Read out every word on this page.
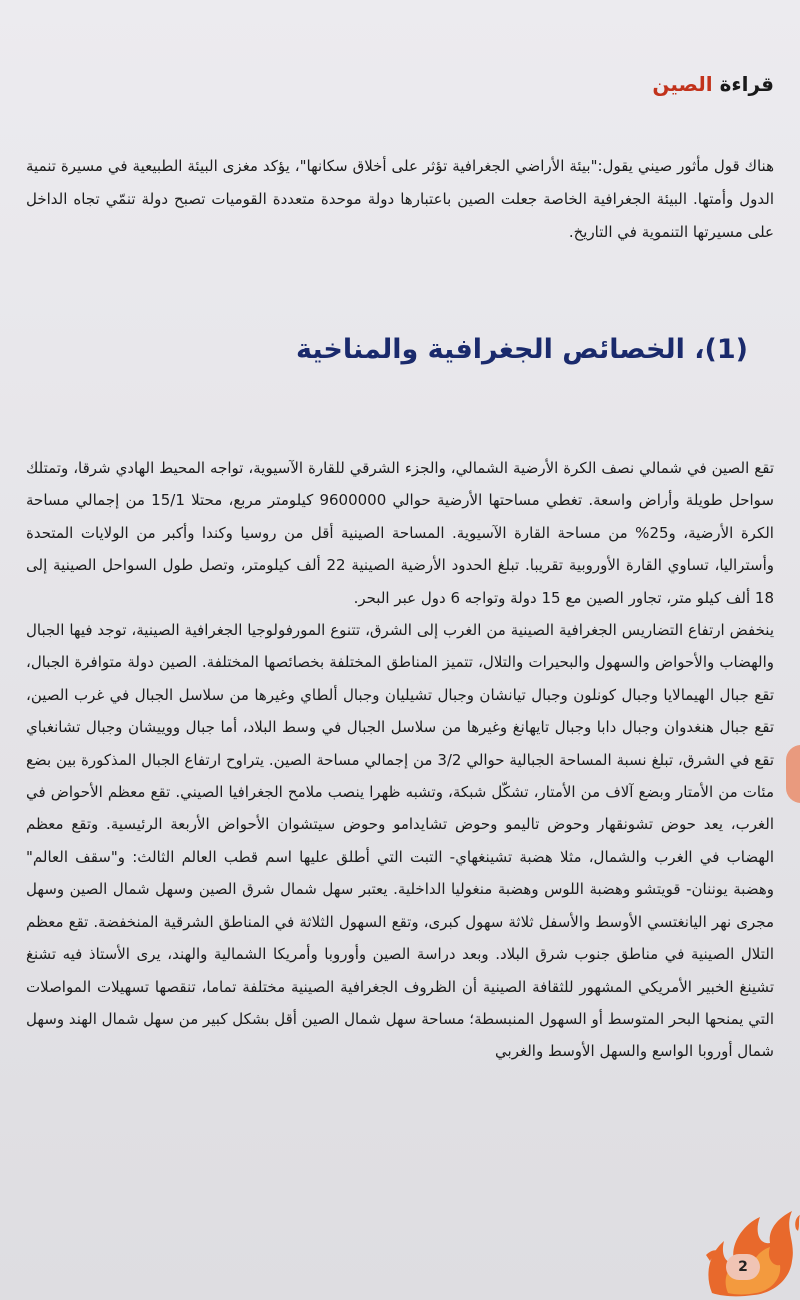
قراءة الصين

هناك قول مأثور صيني يقول:"بيئة الأراضي الجغرافية تؤثر على أخلاق سكانها"، يؤكد مغزى البيئة الطبيعية في مسيرة تنمية الدول وأمتها. البيئة الجغرافية الخاصة جعلت الصين باعتبارها دولة موحدة متعددة القوميات تصبح دولة تنمّي تجاه الداخل على مسيرتها التنموية في التاريخ.

(1)، الخصائص الجغرافية والمناخية

تقع الصين في شمالي نصف الكرة الأرضية الشمالي، والجزء الشرقي للقارة الآسيوية، تواجه المحيط الهادي شرقا، وتمتلك سواحل طويلة وأراض واسعة. تغطي مساحتها الأرضية حوالي 9600000 كيلومتر مربع، محتلا 15/1 من إجمالي مساحة الكرة الأرضية، و25% من مساحة القارة الآسيوية. المساحة الصينية أقل من روسيا وكندا وأكبر من الولايات المتحدة وأستراليا، تساوي القارة الأوروبية تقريبا. تبلغ الحدود الأرضية الصينية 22 ألف كيلومتر، وتصل طول السواحل الصينية إلى 18 ألف كيلو متر، تجاور الصين مع 15 دولة وتواجه 6 دول عبر البحر.

ينخفض ارتفاع التضاريس الجغرافية الصينية من الغرب إلى الشرق، تتنوع المورفولوجيا الجغرافية الصينية، توجد فيها الجبال والهضاب والأحواض والسهول والبحيرات والتلال، تتميز المناطق المختلفة بخصائصها المختلفة. الصين دولة متوافرة الجبال، تقع جبال الهيمالايا وجبال كونلون وجبال تيانشان وجبال تشيليان وجبال ألطاي وغيرها من سلاسل الجبال في غرب الصين، تقع جبال هنغدوان وجبال دابا وجبال تايهانغ وغيرها من سلاسل الجبال في وسط البلاد، أما جبال ووييشان وجبال تشانغباي تقع في الشرق، تبلغ نسبة المساحة الجبالية حوالي 3/2 من إجمالي مساحة الصين. يتراوح ارتفاع الجبال المذكورة بين بضع مئات من الأمتار وبضع آلاف من الأمتار، تشكّل شبكة، وتشبه ظهرا ينصب ملامح الجغرافيا الصيني. تقع معظم الأحواض في الغرب، يعد حوض تشونقهار وحوض تاليمو وحوض تشايدامو وحوض سيتشوان الأحواض الأربعة الرئيسية. وتقع معظم الهضاب في الغرب والشمال، مثلا هضبة تشينغهاي- التبت التي أطلق عليها اسم قطب العالم الثالث: و"سقف العالم" وهضبة يوننان- قويتشو وهضبة اللوس وهضبة منغوليا الداخلية. يعتبر سهل شمال شرق الصين وسهل شمال الصين وسهل مجرى نهر اليانغتسي الأوسط والأسفل ثلاثة سهول كبرى، وتقع السهول الثلاثة في المناطق الشرقية المنخفضة. تقع معظم التلال الصينية في مناطق جنوب شرق البلاد. وبعد دراسة الصين وأوروبا وأمريكا الشمالية والهند، يرى الأستاذ فيه تشنغ تشينغ الخبير الأمريكي المشهور للثقافة الصينية أن الظروف الجغرافية الصينية مختلفة تماما، تنقصها تسهيلات المواصلات التي يمنحها البحر المتوسط أو السهول المنبسطة؛ مساحة سهل شمال الصين أقل بشكل كبير من سهل شمال الهند وسهل شمال أوروبا الواسع والسهل الأوسط والغربي

2
